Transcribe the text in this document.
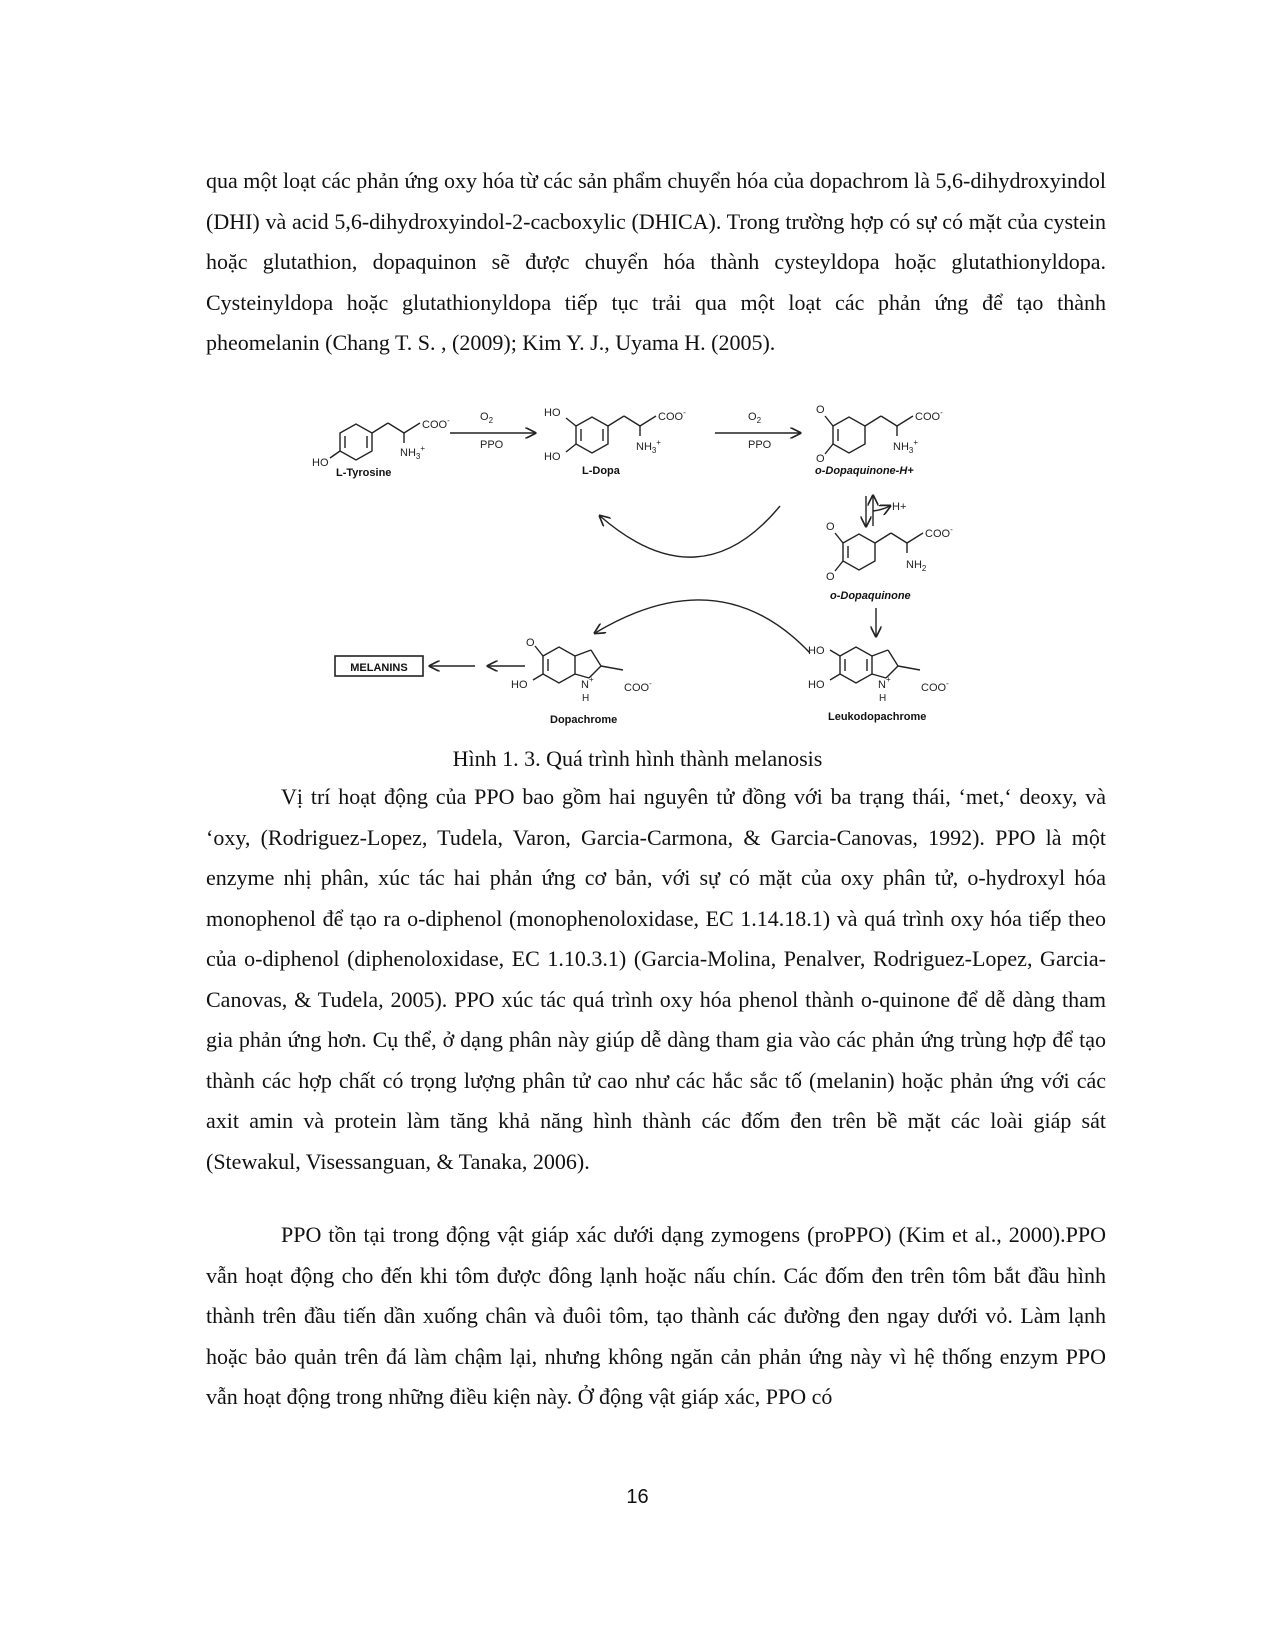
qua một loạt các phản ứng oxy hóa từ các sản phẩm chuyển hóa của dopachrom là 5,6-dihydroxyindol (DHI) và acid 5,6-dihydroxyindol-2-cacboxylic (DHICA). Trong trường hợp có sự có mặt của cystein hoặc glutathion, dopaquinon sẽ được chuyển hóa thành cysteyldopa hoặc glutathionyldopa. Cysteinyldopa hoặc glutathionyldopa tiếp tục trải qua một loạt các phản ứng để tạo thành pheomelanin (Chang T. S. , (2009); Kim Y. J., Uyama H. (2005).

COO-
$NH_3^+$
HO
$O_2$
PPO
COO-
$NH_3^+$
HO
HO
$O_2$
PPO
O
O
COO-
$NH_3^+$
H+
O
O
COO-
$NH_2$
HO
HO	N+
H
COO-
O
HO	N+
H
COO-
MELANINS
L-Tyrosine	L-Dopa	o-Dopaquinone-H+
o-Dopaquinone
Leukodopachrome
Dopachrome
Hình 1. 3. Quá trình hình thành melanosis

Vị trí hoạt động của PPO bao gồm hai nguyên tử đồng với ba trạng thái, ‘met,‘ deoxy, và ‘oxy, (Rodriguez-Lopez, Tudela, Varon, Garcia-Carmona, & Garcia-Canovas, 1992). PPO là một enzyme nhị phân, xúc tác hai phản ứng cơ bản, với sự có mặt của oxy phân tử, o-hydroxyl hóa monophenol để tạo ra o-diphenol (monophenoloxidase, EC 1.14.18.1) và quá trình oxy hóa tiếp theo của o-diphenol (diphenoloxidase, EC 1.10.3.1) (Garcia-Molina, Penalver, Rodriguez-Lopez, Garcia-Canovas, & Tudela, 2005). PPO xúc tác quá trình oxy hóa phenol thành o-quinone để dễ dàng tham gia phản ứng hơn. Cụ thể, ở dạng phân này giúp dễ dàng tham gia vào các phản ứng trùng hợp để tạo thành các hợp chất có trọng lượng phân tử cao như các hắc sắc tố (melanin) hoặc phản ứng với các axit amin và protein làm tăng khả năng hình thành các đốm đen trên bề mặt các loài giáp sát (Stewakul, Visessanguan, & Tanaka, 2006).

PPO tồn tại trong động vật giáp xác dưới dạng zymogens (proPPO) (Kim et al., 2000).PPO vẫn hoạt động cho đến khi tôm được đông lạnh hoặc nấu chín. Các đốm đen trên tôm bắt đầu hình thành trên đầu tiến dần xuống chân và đuôi tôm, tạo thành các đường đen ngay dưới vỏ. Làm lạnh hoặc bảo quản trên đá làm chậm lại, nhưng không ngăn cản phản ứng này vì hệ thống enzym PPO vẫn hoạt động trong những điều kiện này. Ở động vật giáp xác, PPO có

16
